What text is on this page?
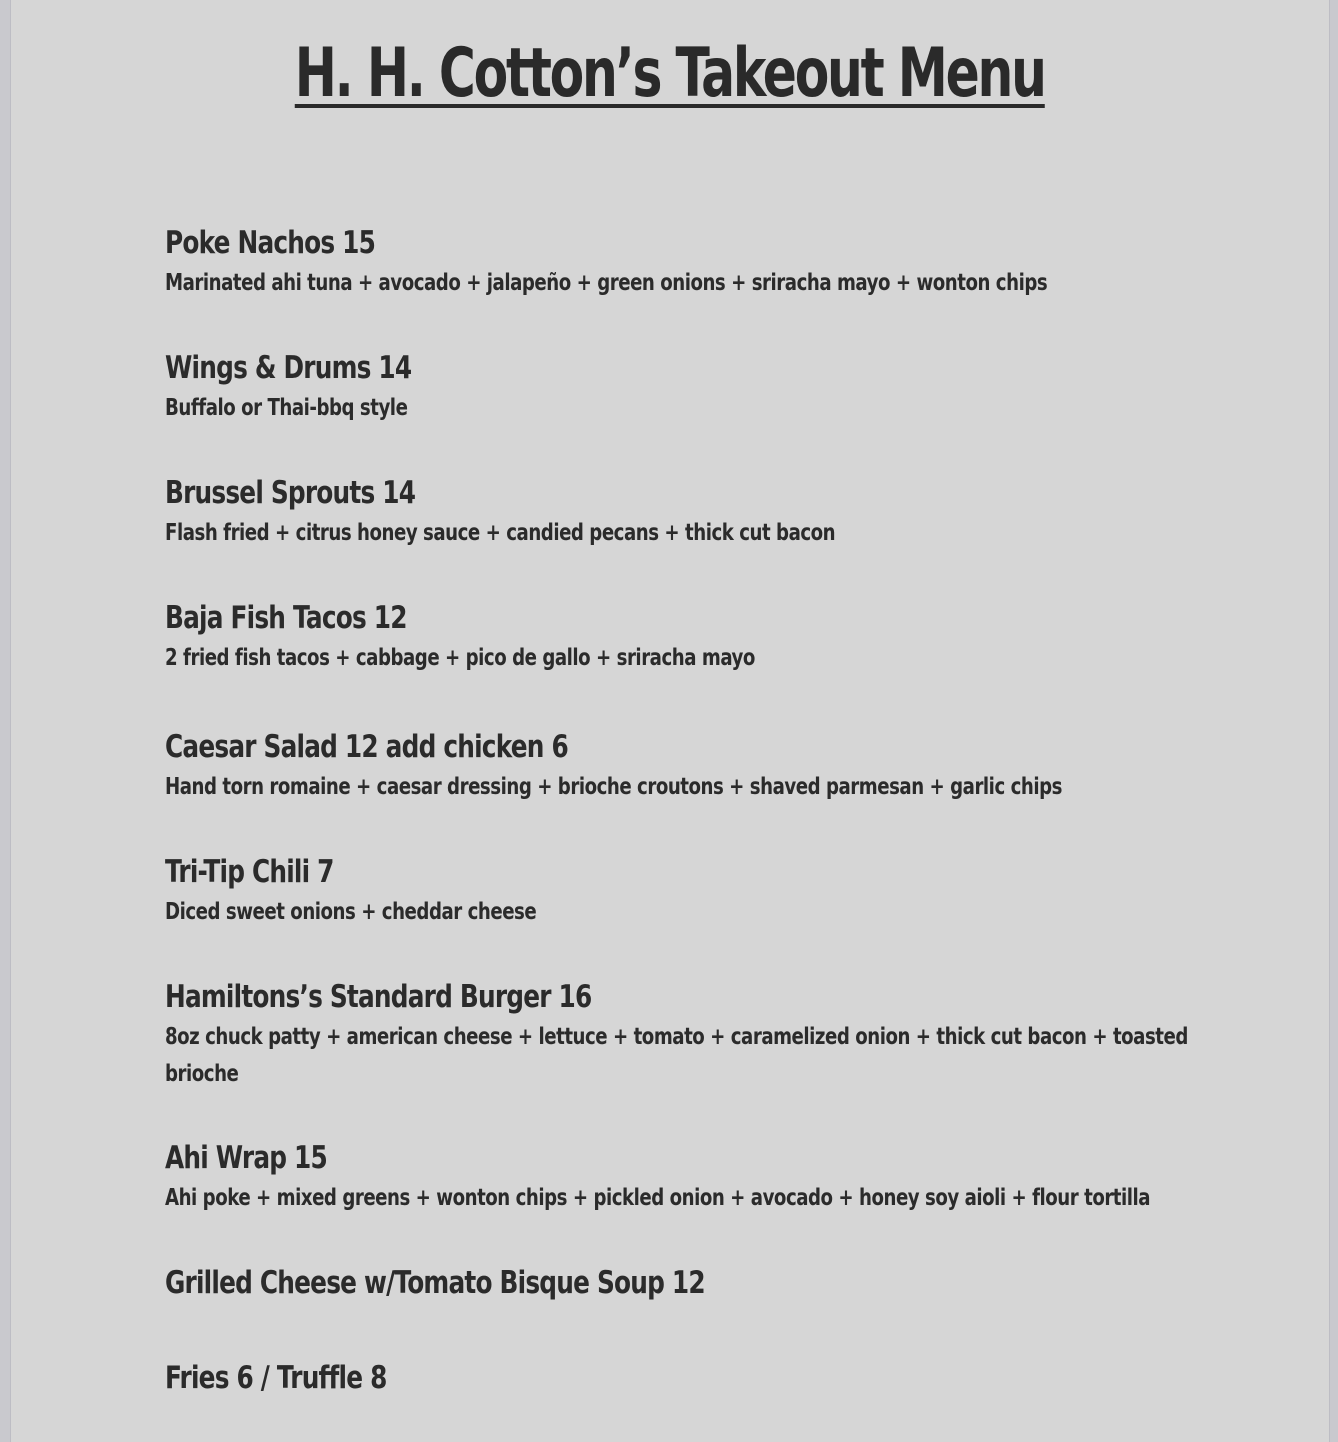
H. H. Cotton’s Takeout Menu
Poke Nachos 15
Marinated ahi tuna + avocado + jalapeño + green onions + sriracha mayo + wonton chips
Wings & Drums 14
Buffalo or Thai-bbq style
Brussel Sprouts 14
Flash fried + citrus honey sauce + candied pecans + thick cut bacon
Baja Fish Tacos 12
2 fried fish tacos + cabbage + pico de gallo + sriracha mayo
Caesar Salad 12 add chicken 6
Hand torn romaine + caesar dressing + brioche croutons + shaved parmesan + garlic chips
Tri-Tip Chili 7
Diced sweet onions + cheddar cheese
Hamiltons’s Standard Burger 16
8oz chuck patty + american cheese + lettuce + tomato + caramelized onion + thick cut bacon + toasted brioche
Ahi Wrap 15
Ahi poke + mixed greens + wonton chips + pickled onion + avocado + honey soy aioli + flour tortilla
Grilled Cheese w/Tomato Bisque Soup 12
Fries 6 / Truffle 8
